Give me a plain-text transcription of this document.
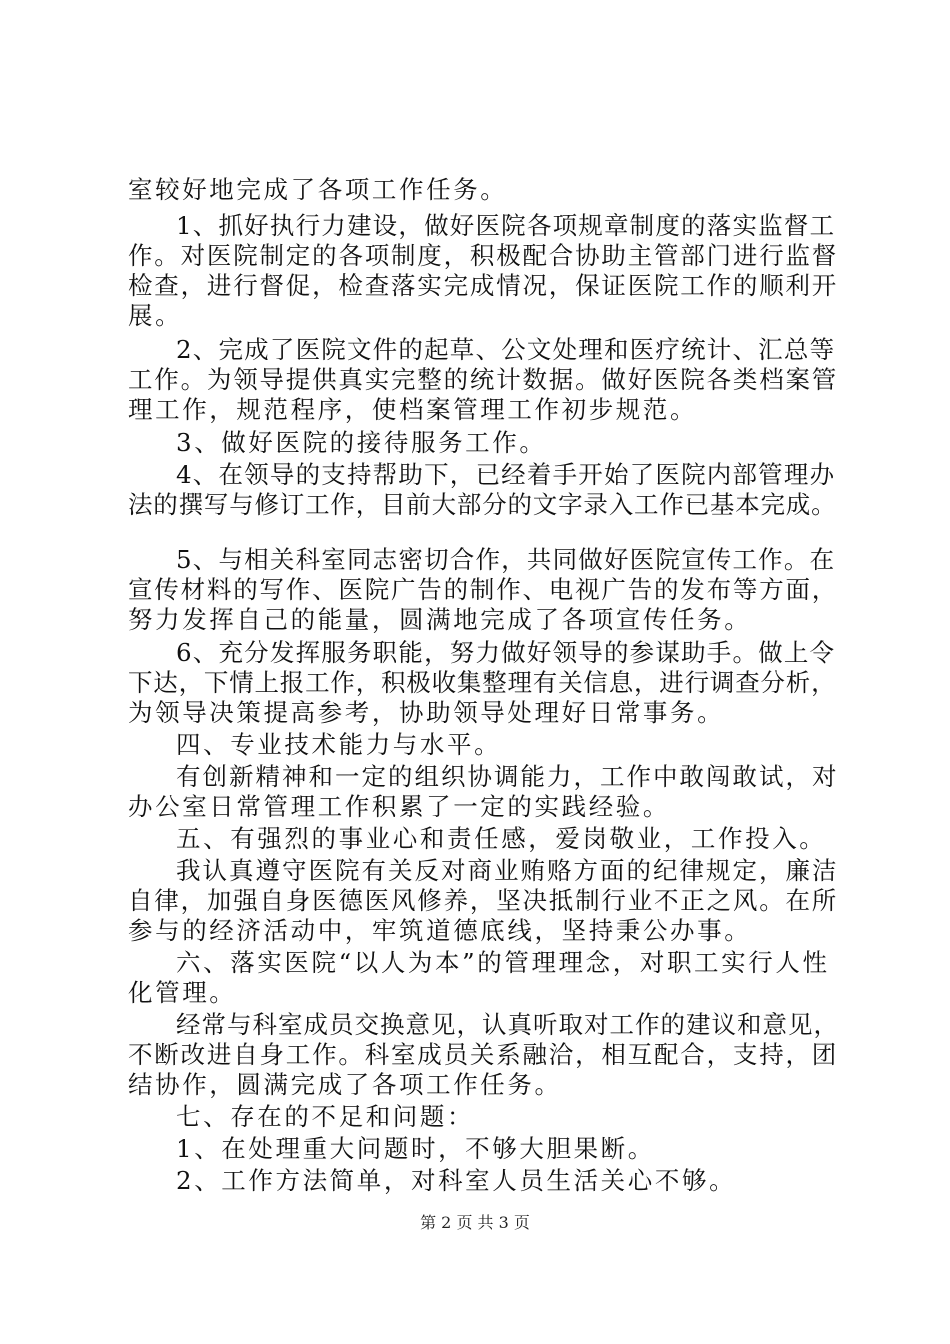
室较好地完成了各项工作任务。
1、抓好执行力建设，做好医院各项规章制度的落实监督工
作。对医院制定的各项制度，积极配合协助主管部门进行监督
检查，进行督促，检查落实完成情况，保证医院工作的顺利开
展。
2、完成了医院文件的起草、公文处理和医疗统计、汇总等
工作。为领导提供真实完整的统计数据。做好医院各类档案管
理工作，规范程序，使档案管理工作初步规范。
3、做好医院的接待服务工作。
4、在领导的支持帮助下，已经着手开始了医院内部管理办
法的撰写与修订工作，目前大部分的文字录入工作已基本完成。
5、与相关科室同志密切合作，共同做好医院宣传工作。在
宣传材料的写作、医院广告的制作、电视广告的发布等方面，
努力发挥自己的能量，圆满地完成了各项宣传任务。
6、充分发挥服务职能，努力做好领导的参谋助手。做上令
下达，下情上报工作，积极收集整理有关信息，进行调查分析，
为领导决策提高参考，协助领导处理好日常事务。
四、专业技术能力与水平。
有创新精神和一定的组织协调能力，工作中敢闯敢试，对
办公室日常管理工作积累了一定的实践经验。
五、有强烈的事业心和责任感，爱岗敬业，工作投入。
我认真遵守医院有关反对商业贿赂方面的纪律规定，廉洁
自律，加强自身医德医风修养，坚决抵制行业不正之风。在所
参与的经济活动中，牢筑道德底线，坚持秉公办事。
六、落实医院“以人为本”的管理理念，对职工实行人性
化管理。
经常与科室成员交换意见，认真听取对工作的建议和意见，
不断改进自身工作。科室成员关系融洽，相互配合，支持，团
结协作，圆满完成了各项工作任务。
七、存在的不足和问题：
1、在处理重大问题时，不够大胆果断。
2、工作方法简单，对科室人员生活关心不够。
第 2 页 共 3 页
